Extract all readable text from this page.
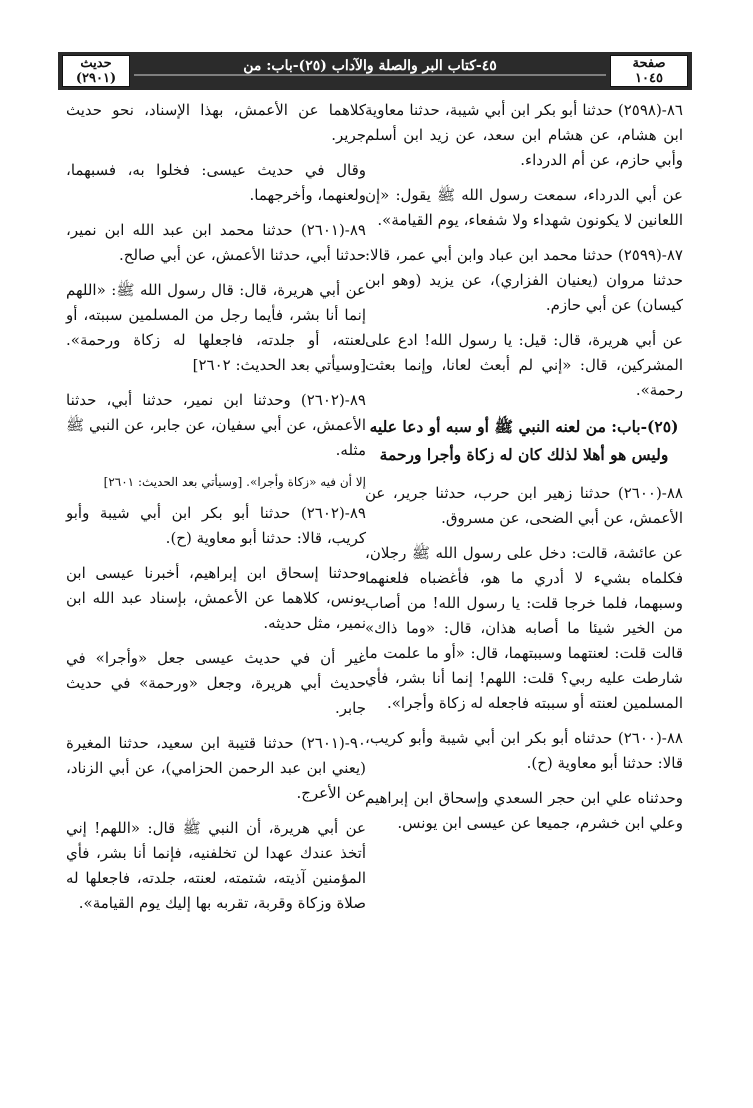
صفحة
١٠٤٥
٤٥-كتاب البر والصلة والآداب (٢٥)-باب: من
حديث
(٢٩٠١)

٨٦-(٢٥٩٨) حدثنا أبو بكر ابن أبي شيبة، حدثنا معاوية ابن هشام، عن هشام ابن سعد، عن زيد ابن أسلم وأبي حازم، عن أم الدرداء.

عن أبي الدرداء، سمعت رسول الله ﷺ يقول: «إن اللعانين لا يكونون شهداء ولا شفعاء، يوم القيامة».

٨٧-(٢٥٩٩) حدثنا محمد ابن عباد وابن أبي عمر، قالا: حدثنا مروان (يعنيان الفزاري)، عن يزيد (وهو ابن كيسان) عن أبي حازم.

عن أبي هريرة، قال: قيل: يا رسول الله! ادع على المشركين، قال: «إني لم أبعث لعانا، وإنما بعثت رحمة».

(٢٥)-باب: من لعنه النبي ﷺ أو سبه أو دعا عليه وليس هو أهلا لذلك كان له زكاة وأجرا ورحمة

٨٨-(٢٦٠٠) حدثنا زهير ابن حرب، حدثنا جرير، عن الأعمش، عن أبي الضحى، عن مسروق.

عن عائشة، قالت: دخل على رسول الله ﷺ رجلان، فكلماه بشيء لا أدري ما هو، فأغضباه فلعنهما وسبهما، فلما خرجا قلت: يا رسول الله! من أصاب من الخير شيئا ما أصابه هذان، قال: «وما ذاك» قالت قلت: لعنتهما وسببتهما، قال: «أو ما علمت ما شارطت عليه ربي؟ قلت: اللهم! إنما أنا بشر، فأي المسلمين لعنته أو سببته فاجعله له زكاة وأجرا».

٨٨-(٢٦٠٠) حدثناه أبو بكر ابن أبي شيبة وأبو كريب، قالا: حدثنا أبو معاوية (ح).

وحدثناه علي ابن حجر السعدي وإسحاق ابن إبراهيم وعلي ابن خشرم، جميعا عن عيسى ابن يونس.

كلاهما عن الأعمش، بهذا الإسناد، نحو حديث جرير.

وقال في حديث عيسى: فخلوا به، فسبهما، ولعنهما، وأخرجهما.

٨٩-(٢٦٠١) حدثنا محمد ابن عبد الله ابن نمير، حدثنا أبي، حدثنا الأعمش، عن أبي صالح.

عن أبي هريرة، قال: قال رسول الله ﷺ: «اللهم إنما أنا بشر، فأيما رجل من المسلمين سببته، أو لعنته، أو جلدته، فاجعلها له زكاة ورحمة». [وسيأتي بعد الحديث: ٢٦٠٢]

٨٩-(٢٦٠٢) وحدثنا ابن نمير، حدثنا أبي، حدثنا الأعمش، عن أبي سفيان، عن جابر، عن النبي ﷺ مثله.

إلا أن فيه «زكاة وأجرا». [وسيأتي بعد الحديث: ٢٦٠١]

٨٩-(٢٦٠٢) حدثنا أبو بكر ابن أبي شيبة وأبو كريب، قالا: حدثنا أبو معاوية (ح).

وحدثنا إسحاق ابن إبراهيم، أخبرنا عيسى ابن يونس، كلاهما عن الأعمش، بإسناد عبد الله ابن نمير، مثل حديثه.

غير أن في حديث عيسى جعل «وأجرا» في حديث أبي هريرة، وجعل «ورحمة» في حديث جابر.

٩٠-(٢٦٠١) حدثنا قتيبة ابن سعيد، حدثنا المغيرة (يعني ابن عبد الرحمن الحزامي)، عن أبي الزناد، عن الأعرج.

عن أبي هريرة، أن النبي ﷺ قال: «اللهم! إني أتخذ عندك عهدا لن تخلفنيه، فإنما أنا بشر، فأي المؤمنين آذيته، شتمته، لعنته، جلدته، فاجعلها له صلاة وزكاة وقربة، تقربه بها إليك يوم القيامة».
